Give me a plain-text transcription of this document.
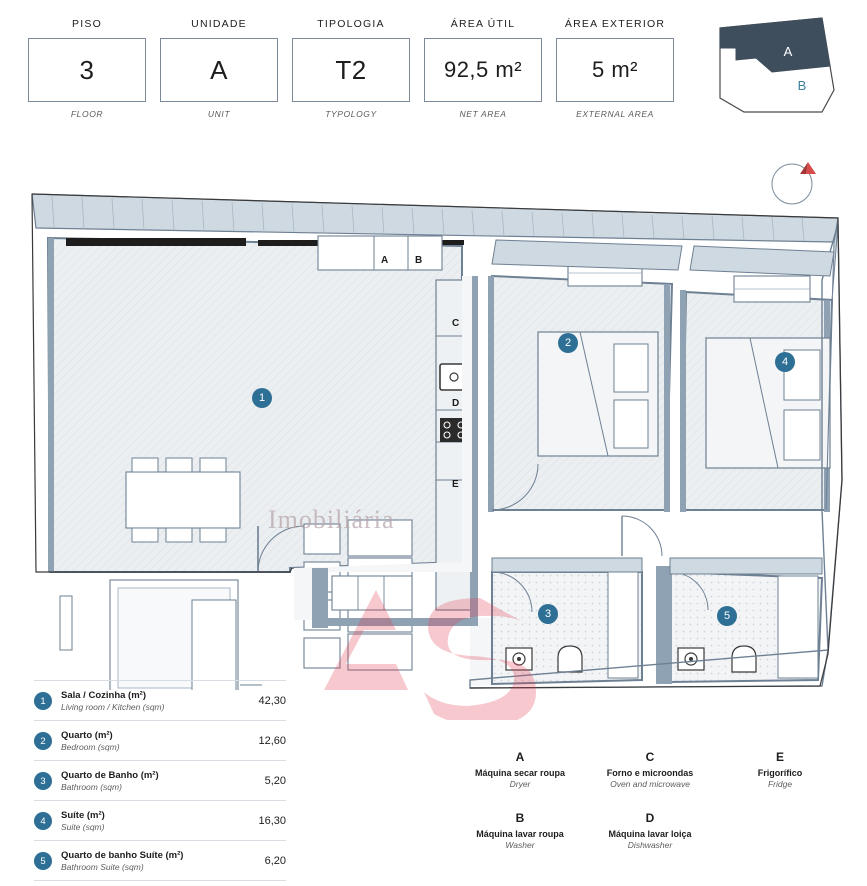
PISO
3
FLOOR
UNIDADE
A
UNIT
TIPOLOGIA
T2
TYPOLOGY
ÁREA ÚTIL
92,5 m²
NET AREA
ÁREA EXTERIOR
5 m²
EXTERNAL AREA
A
B
Imobiliária
1
2
3
4
5
A	B
C
D
E
1
Sala / Cozinha (m²)
Living room / Kitchen (sqm)	42,30
2
Quarto (m²)
Bedroom (sqm)	12,60
3
Quarto de Banho (m²)
Bathroom (sqm)	5,20
4
Suíte (m²)
Suite (sqm)	16,30
5
Quarto de banho Suíte (m²)
Bathroom Suite (sqm)	6,20
A
Máquina secar roupa
Dryer
C
Forno e microondas
Oven and microwave
E
Frigorífico
Fridge
B
Máquina lavar roupa
Washer
D
Máquina lavar loiça
Dishwasher
